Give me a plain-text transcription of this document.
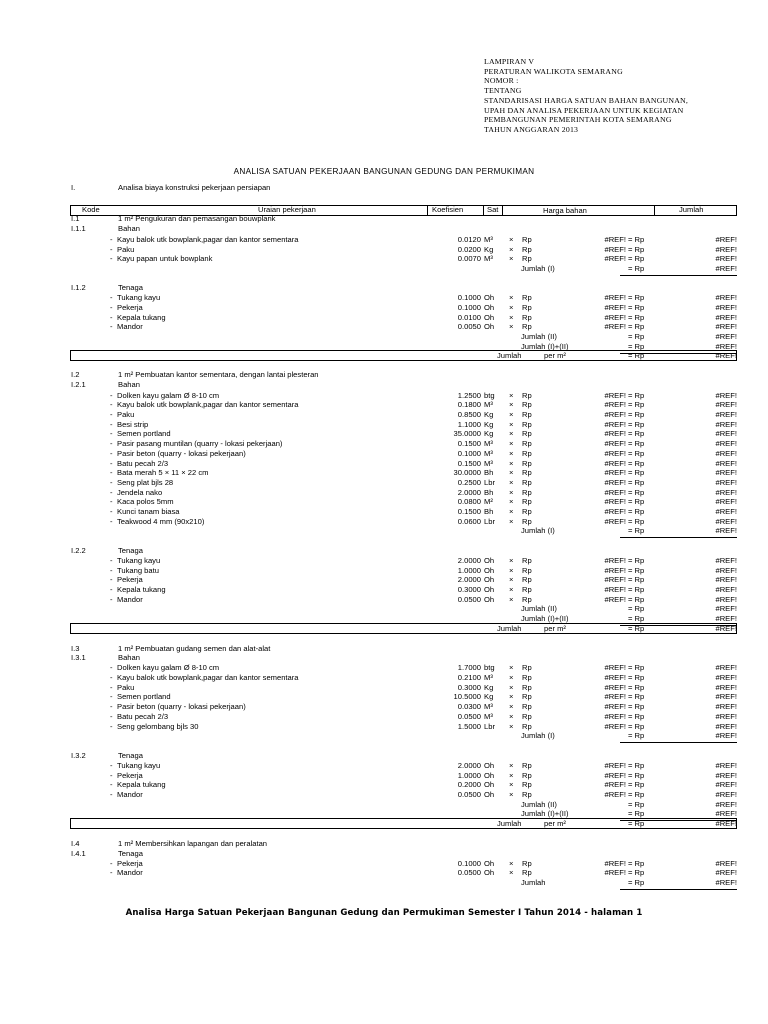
LAMPIRAN V
PERATURAN WALIKOTA SEMARANG
NOMOR :
TENTANG
STANDARISASI HARGA SATUAN BAHAN BANGUNAN,
UPAH DAN ANALISA PEKERJAAN UNTUK KEGIATAN
PEMBANGUNAN PEMERINTAH KOTA SEMARANG
TAHUN ANGGARAN 2013
ANALISA SATUAN PEKERJAAN BANGUNAN GEDUNG DAN PERMUKIMAN
I.	Analisa biaya konstruksi pekerjaan persiapan
Kode	Uraian pekerjaan	Koefisien	Sat	Harga bahan	Jumlah
I.1	1 m² Pengukuran dan pemasangan bouwplank
I.1.1	Bahan
- Kayu balok utk bowplank,pagar dan kantor sementara	0.0120 M³ × Rp	#REF! = Rp	#REF!
- Paku	0.0200 Kg × Rp	#REF! = Rp	#REF!
- Kayu papan untuk bowplank	0.0070 M³ × Rp	#REF! = Rp	#REF!
Jumlah (I)	= Rp	#REF!
I.1.2	Tenaga
- Tukang kayu	0.1000 Oh × Rp	#REF! = Rp	#REF!
- Pekerja	0.1000 Oh × Rp	#REF! = Rp	#REF!
- Kepala tukang	0.0100 Oh × Rp	#REF! = Rp	#REF!
- Mandor	0.0050 Oh × Rp	#REF! = Rp	#REF!
Jumlah (II)	= Rp	#REF!
Jumlah (I)+(II)	= Rp	#REF!
Jumlah	per m²	= Rp	#REF!
I.2	1 m² Pembuatan kantor sementara, dengan lantai plesteran
I.2.1	Bahan
- Dolken kayu galam Ø 8-10 cm	1.2500 btg × Rp	#REF! = Rp	#REF!
- Kayu balok utk bowplank,pagar dan kantor sementara	0.1800 M³ × Rp	#REF! = Rp	#REF!
- Paku	0.8500 Kg × Rp	#REF! = Rp	#REF!
- Besi strip	1.1000 Kg × Rp	#REF! = Rp	#REF!
- Semen portland	35.0000 Kg × Rp	#REF! = Rp	#REF!
- Pasir pasang muntilan (quarry - lokasi pekerjaan)	0.1500 M³ × Rp	#REF! = Rp	#REF!
- Pasir beton (quarry - lokasi pekerjaan)	0.1000 M³ × Rp	#REF! = Rp	#REF!
- Batu pecah 2/3	0.1500 M³ × Rp	#REF! = Rp	#REF!
- Bata merah 5 × 11 × 22 cm	30.0000 Bh × Rp	#REF! = Rp	#REF!
- Seng plat bjls 28	0.2500 Lbr × Rp	#REF! = Rp	#REF!
- Jendela nako	2.0000 Bh × Rp	#REF! = Rp	#REF!
- Kaca polos 5mm	0.0800 M² × Rp	#REF! = Rp	#REF!
- Kunci tanam biasa	0.1500 Bh × Rp	#REF! = Rp	#REF!
- Teakwood 4 mm (90x210)	0.0600 Lbr × Rp	#REF! = Rp	#REF!
Jumlah (I)	= Rp	#REF!
I.2.2	Tenaga
- Tukang kayu	2.0000 Oh × Rp	#REF! = Rp	#REF!
- Tukang batu	1.0000 Oh × Rp	#REF! = Rp	#REF!
- Pekerja	2.0000 Oh × Rp	#REF! = Rp	#REF!
- Kepala tukang	0.3000 Oh × Rp	#REF! = Rp	#REF!
- Mandor	0.0500 Oh × Rp	#REF! = Rp	#REF!
Jumlah (II)	= Rp	#REF!
Jumlah (I)+(II)	= Rp	#REF!
Jumlah	per m²	= Rp	#REF!
I.3	1 m² Pembuatan gudang semen dan alat-alat
I.3.1	Bahan
- Dolken kayu galam Ø 8-10 cm	1.7000 btg × Rp	#REF! = Rp	#REF!
- Kayu balok utk bowplank,pagar dan kantor sementara	0.2100 M³ × Rp	#REF! = Rp	#REF!
- Paku	0.3000 Kg × Rp	#REF! = Rp	#REF!
- Semen portland	10.5000 Kg × Rp	#REF! = Rp	#REF!
- Pasir beton (quarry - lokasi pekerjaan)	0.0300 M³ × Rp	#REF! = Rp	#REF!
- Batu pecah 2/3	0.0500 M³ × Rp	#REF! = Rp	#REF!
- Seng gelombang bjls 30	1.5000 Lbr × Rp	#REF! = Rp	#REF!
Jumlah (I)	= Rp	#REF!
I.3.2	Tenaga
- Tukang kayu	2.0000 Oh × Rp	#REF! = Rp	#REF!
- Pekerja	1.0000 Oh × Rp	#REF! = Rp	#REF!
- Kepala tukang	0.2000 Oh × Rp	#REF! = Rp	#REF!
- Mandor	0.0500 Oh × Rp	#REF! = Rp	#REF!
Jumlah (II)	= Rp	#REF!
Jumlah (I)+(II)	= Rp	#REF!
Jumlah	per m²	= Rp	#REF!
I.4	1 m² Membersihkan lapangan dan peralatan
I.4.1	Tenaga
- Pekerja	0.1000 Oh × Rp	#REF! = Rp	#REF!
- Mandor	0.0500 Oh × Rp	#REF! = Rp	#REF!
Jumlah	= Rp	#REF!
Analisa Harga Satuan Pekerjaan Bangunan Gedung dan Permukiman Semester I Tahun 2014 - halaman 1
